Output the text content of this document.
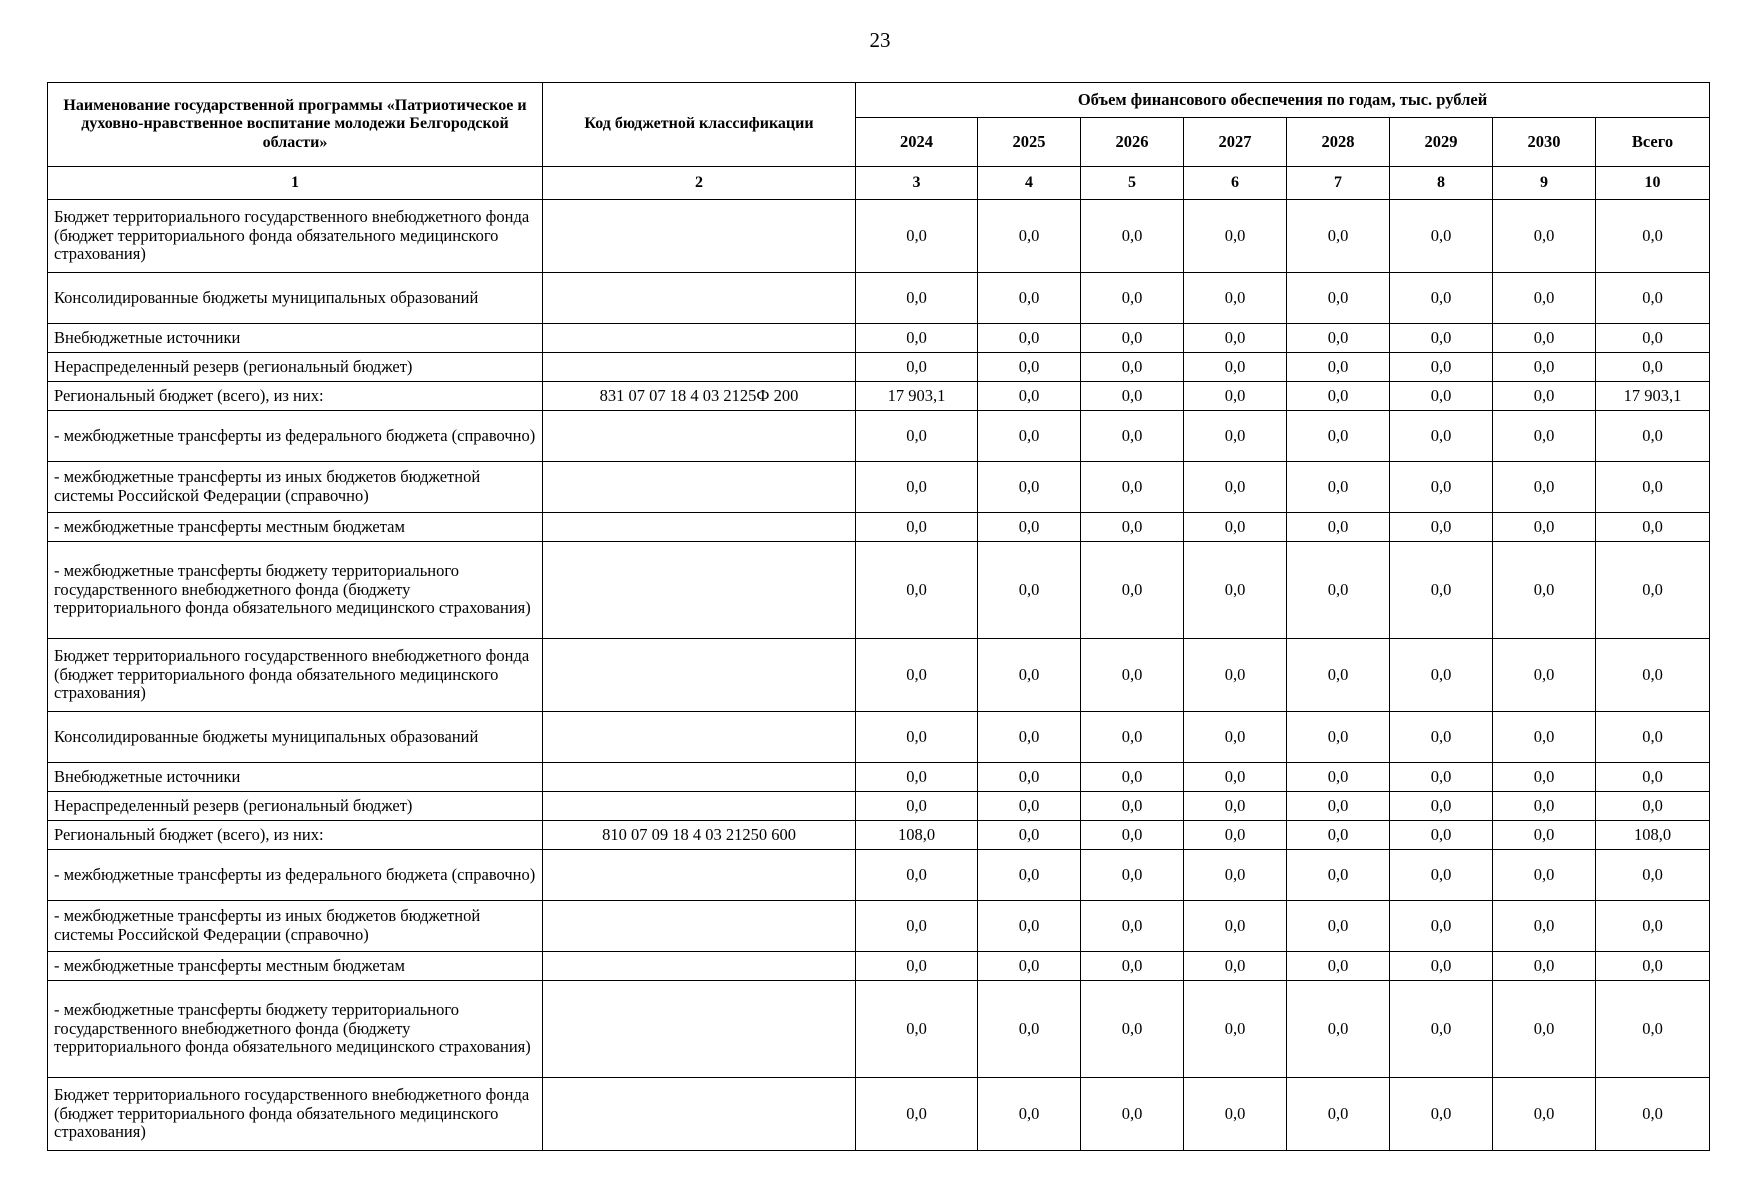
23
Наименование государственной программы «Патриотическое и духовно-нравственное воспитание молодежи Белгородской области»	Код бюджетной классификации	Объем финансового обеспечения по годам, тыс. рублей							
		2024	2025	2026	2027	2028	2029	2030	Всего
1	2	3	4	5	6	7	8	9	10
Бюджет территориального государственного внебюджетного фонда (бюджет территориального фонда обязательного медицинского страхования)		0,0	0,0	0,0	0,0	0,0	0,0	0,0	0,0
Консолидированные бюджеты муниципальных образований		0,0	0,0	0,0	0,0	0,0	0,0	0,0	0,0
Внебюджетные источники		0,0	0,0	0,0	0,0	0,0	0,0	0,0	0,0
Нераспределенный резерв (региональный бюджет)		0,0	0,0	0,0	0,0	0,0	0,0	0,0	0,0
Региональный бюджет (всего), из них:	831 07 07 18 4 03 2125Ф 200	17 903,1	0,0	0,0	0,0	0,0	0,0	0,0	17 903,1
- межбюджетные трансферты из федерального бюджета (справочно)		0,0	0,0	0,0	0,0	0,0	0,0	0,0	0,0
- межбюджетные трансферты из иных бюджетов бюджетной системы Российской Федерации (справочно)		0,0	0,0	0,0	0,0	0,0	0,0	0,0	0,0
- межбюджетные трансферты местным бюджетам		0,0	0,0	0,0	0,0	0,0	0,0	0,0	0,0
- межбюджетные трансферты бюджету территориального государственного внебюджетного фонда (бюджету территориального фонда обязательного медицинского страхования)		0,0	0,0	0,0	0,0	0,0	0,0	0,0	0,0
Бюджет территориального государственного внебюджетного фонда (бюджет территориального фонда обязательного медицинского страхования)		0,0	0,0	0,0	0,0	0,0	0,0	0,0	0,0
Консолидированные бюджеты муниципальных образований		0,0	0,0	0,0	0,0	0,0	0,0	0,0	0,0
Внебюджетные источники		0,0	0,0	0,0	0,0	0,0	0,0	0,0	0,0
Нераспределенный резерв (региональный бюджет)		0,0	0,0	0,0	0,0	0,0	0,0	0,0	0,0
Региональный бюджет (всего), из них:	810 07 09 18 4 03 21250 600	108,0	0,0	0,0	0,0	0,0	0,0	0,0	108,0
- межбюджетные трансферты из федерального бюджета (справочно)		0,0	0,0	0,0	0,0	0,0	0,0	0,0	0,0
- межбюджетные трансферты из иных бюджетов бюджетной системы Российской Федерации (справочно)		0,0	0,0	0,0	0,0	0,0	0,0	0,0	0,0
- межбюджетные трансферты местным бюджетам		0,0	0,0	0,0	0,0	0,0	0,0	0,0	0,0
- межбюджетные трансферты бюджету территориального государственного внебюджетного фонда (бюджету территориального фонда обязательного медицинского страхования)		0,0	0,0	0,0	0,0	0,0	0,0	0,0	0,0
Бюджет территориального государственного внебюджетного фонда (бюджет территориального фонда обязательного медицинского страхования)		0,0	0,0	0,0	0,0	0,0	0,0	0,0	0,0
